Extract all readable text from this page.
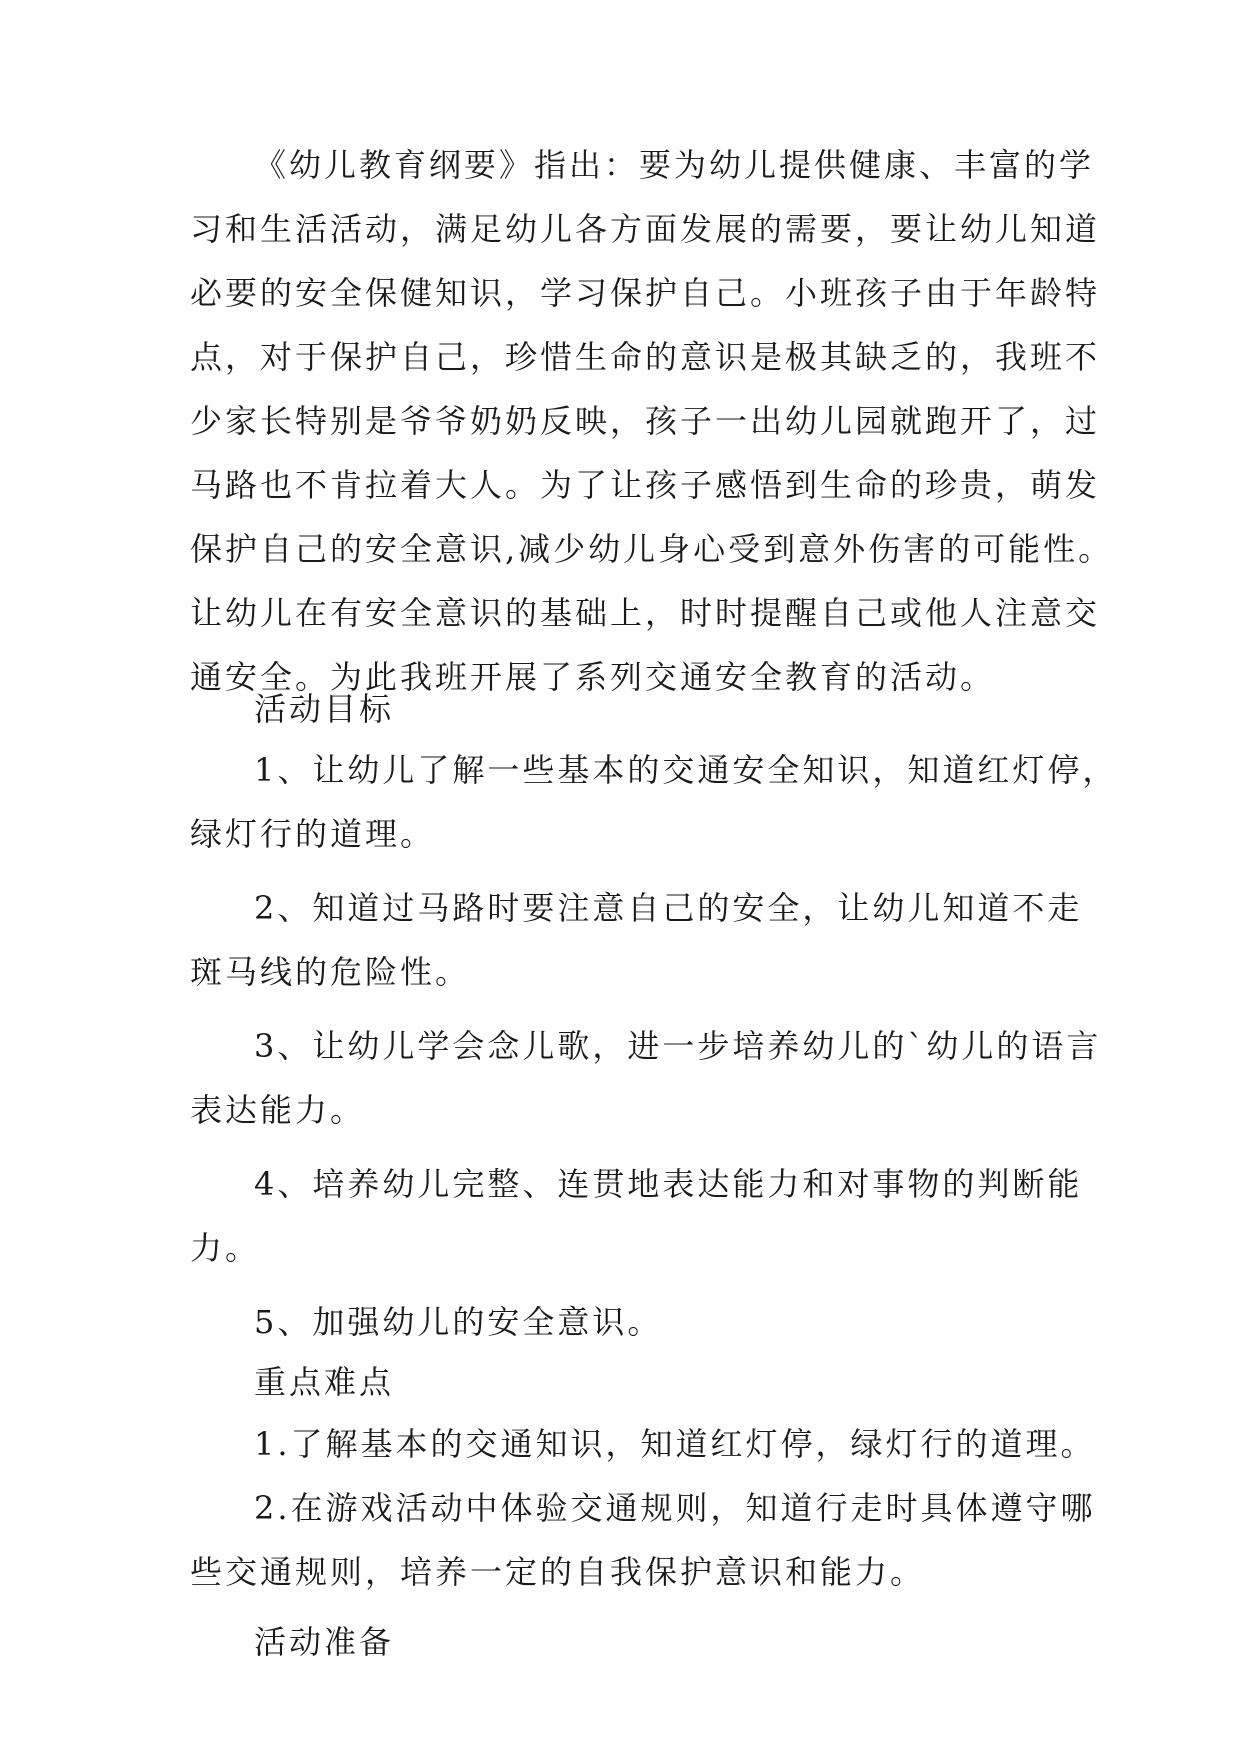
《幼儿教育纲要》指出：要为幼儿提供健康、丰富的学
习和生活活动，满足幼儿各方面发展的需要，要让幼儿知道
必要的安全保健知识，学习保护自己。小班孩子由于年龄特
点，对于保护自己，珍惜生命的意识是极其缺乏的，我班不
少家长特别是爷爷奶奶反映，孩子一出幼儿园就跑开了，过
马路也不肯拉着大人。为了让孩子感悟到生命的珍贵，萌发
保护自己的安全意识,减少幼儿身心受到意外伤害的可能性。
让幼儿在有安全意识的基础上，时时提醒自己或他人注意交
通安全。为此我班开展了系列交通安全教育的活动。
活动目标
1、让幼儿了解一些基本的交通安全知识，知道红灯停，
绿灯行的道理。
2、知道过马路时要注意自己的安全，让幼儿知道不走
斑马线的危险性。
3、让幼儿学会念儿歌，进一步培养幼儿的`幼儿的语言
表达能力。
4、培养幼儿完整、连贯地表达能力和对事物的判断能
力。
5、加强幼儿的安全意识。
重点难点
1.了解基本的交通知识，知道红灯停，绿灯行的道理。
2.在游戏活动中体验交通规则，知道行走时具体遵守哪
些交通规则，培养一定的自我保护意识和能力。
活动准备
